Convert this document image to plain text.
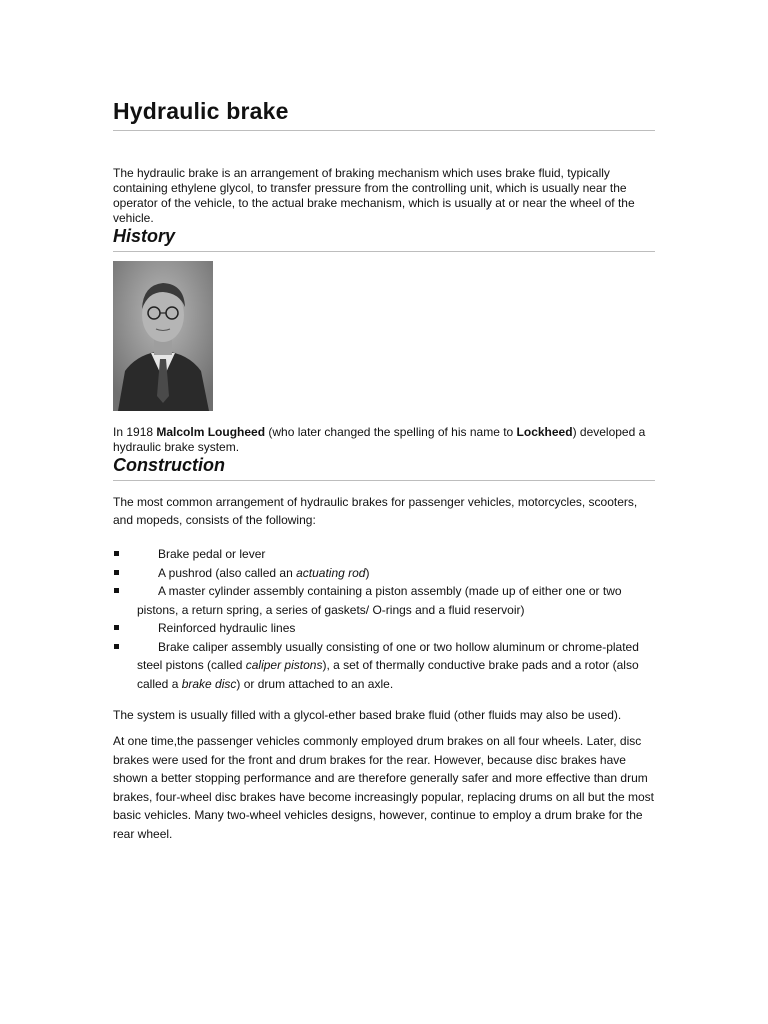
Hydraulic brake

The hydraulic brake is an arrangement of braking mechanism which uses brake fluid, typically containing ethylene glycol, to transfer pressure from the controlling unit, which is usually near the operator of the vehicle, to the actual brake mechanism, which is usually at or near the wheel of the vehicle.

History

In 1918 Malcolm Lougheed (who later changed the spelling of his name to Lockheed) developed a hydraulic brake system.

Construction

The most common arrangement of hydraulic brakes for passenger vehicles, motorcycles, scooters, and mopeds, consists of the following:

Brake pedal or lever
A pushrod (also called an actuating rod)
A master cylinder assembly containing a piston assembly (made up of either one or two pistons, a return spring, a series of gaskets/ O-rings and a fluid reservoir)
Reinforced hydraulic lines
Brake caliper assembly usually consisting of one or two hollow aluminum or chrome-plated steel pistons (called caliper pistons), a set of thermally conductive brake pads and a rotor (also called a brake disc) or drum attached to an axle.

The system is usually filled with a glycol-ether based brake fluid (other fluids may also be used).

At one time,the passenger vehicles commonly employed drum brakes on all four wheels. Later, disc brakes were used for the front and drum brakes for the rear. However, because disc brakes have shown a better stopping performance and are therefore generally safer and more effective than drum brakes, four-wheel disc brakes have become increasingly popular, replacing drums on all but the most basic vehicles. Many two-wheel vehicles designs, however, continue to employ a drum brake for the rear wheel.
